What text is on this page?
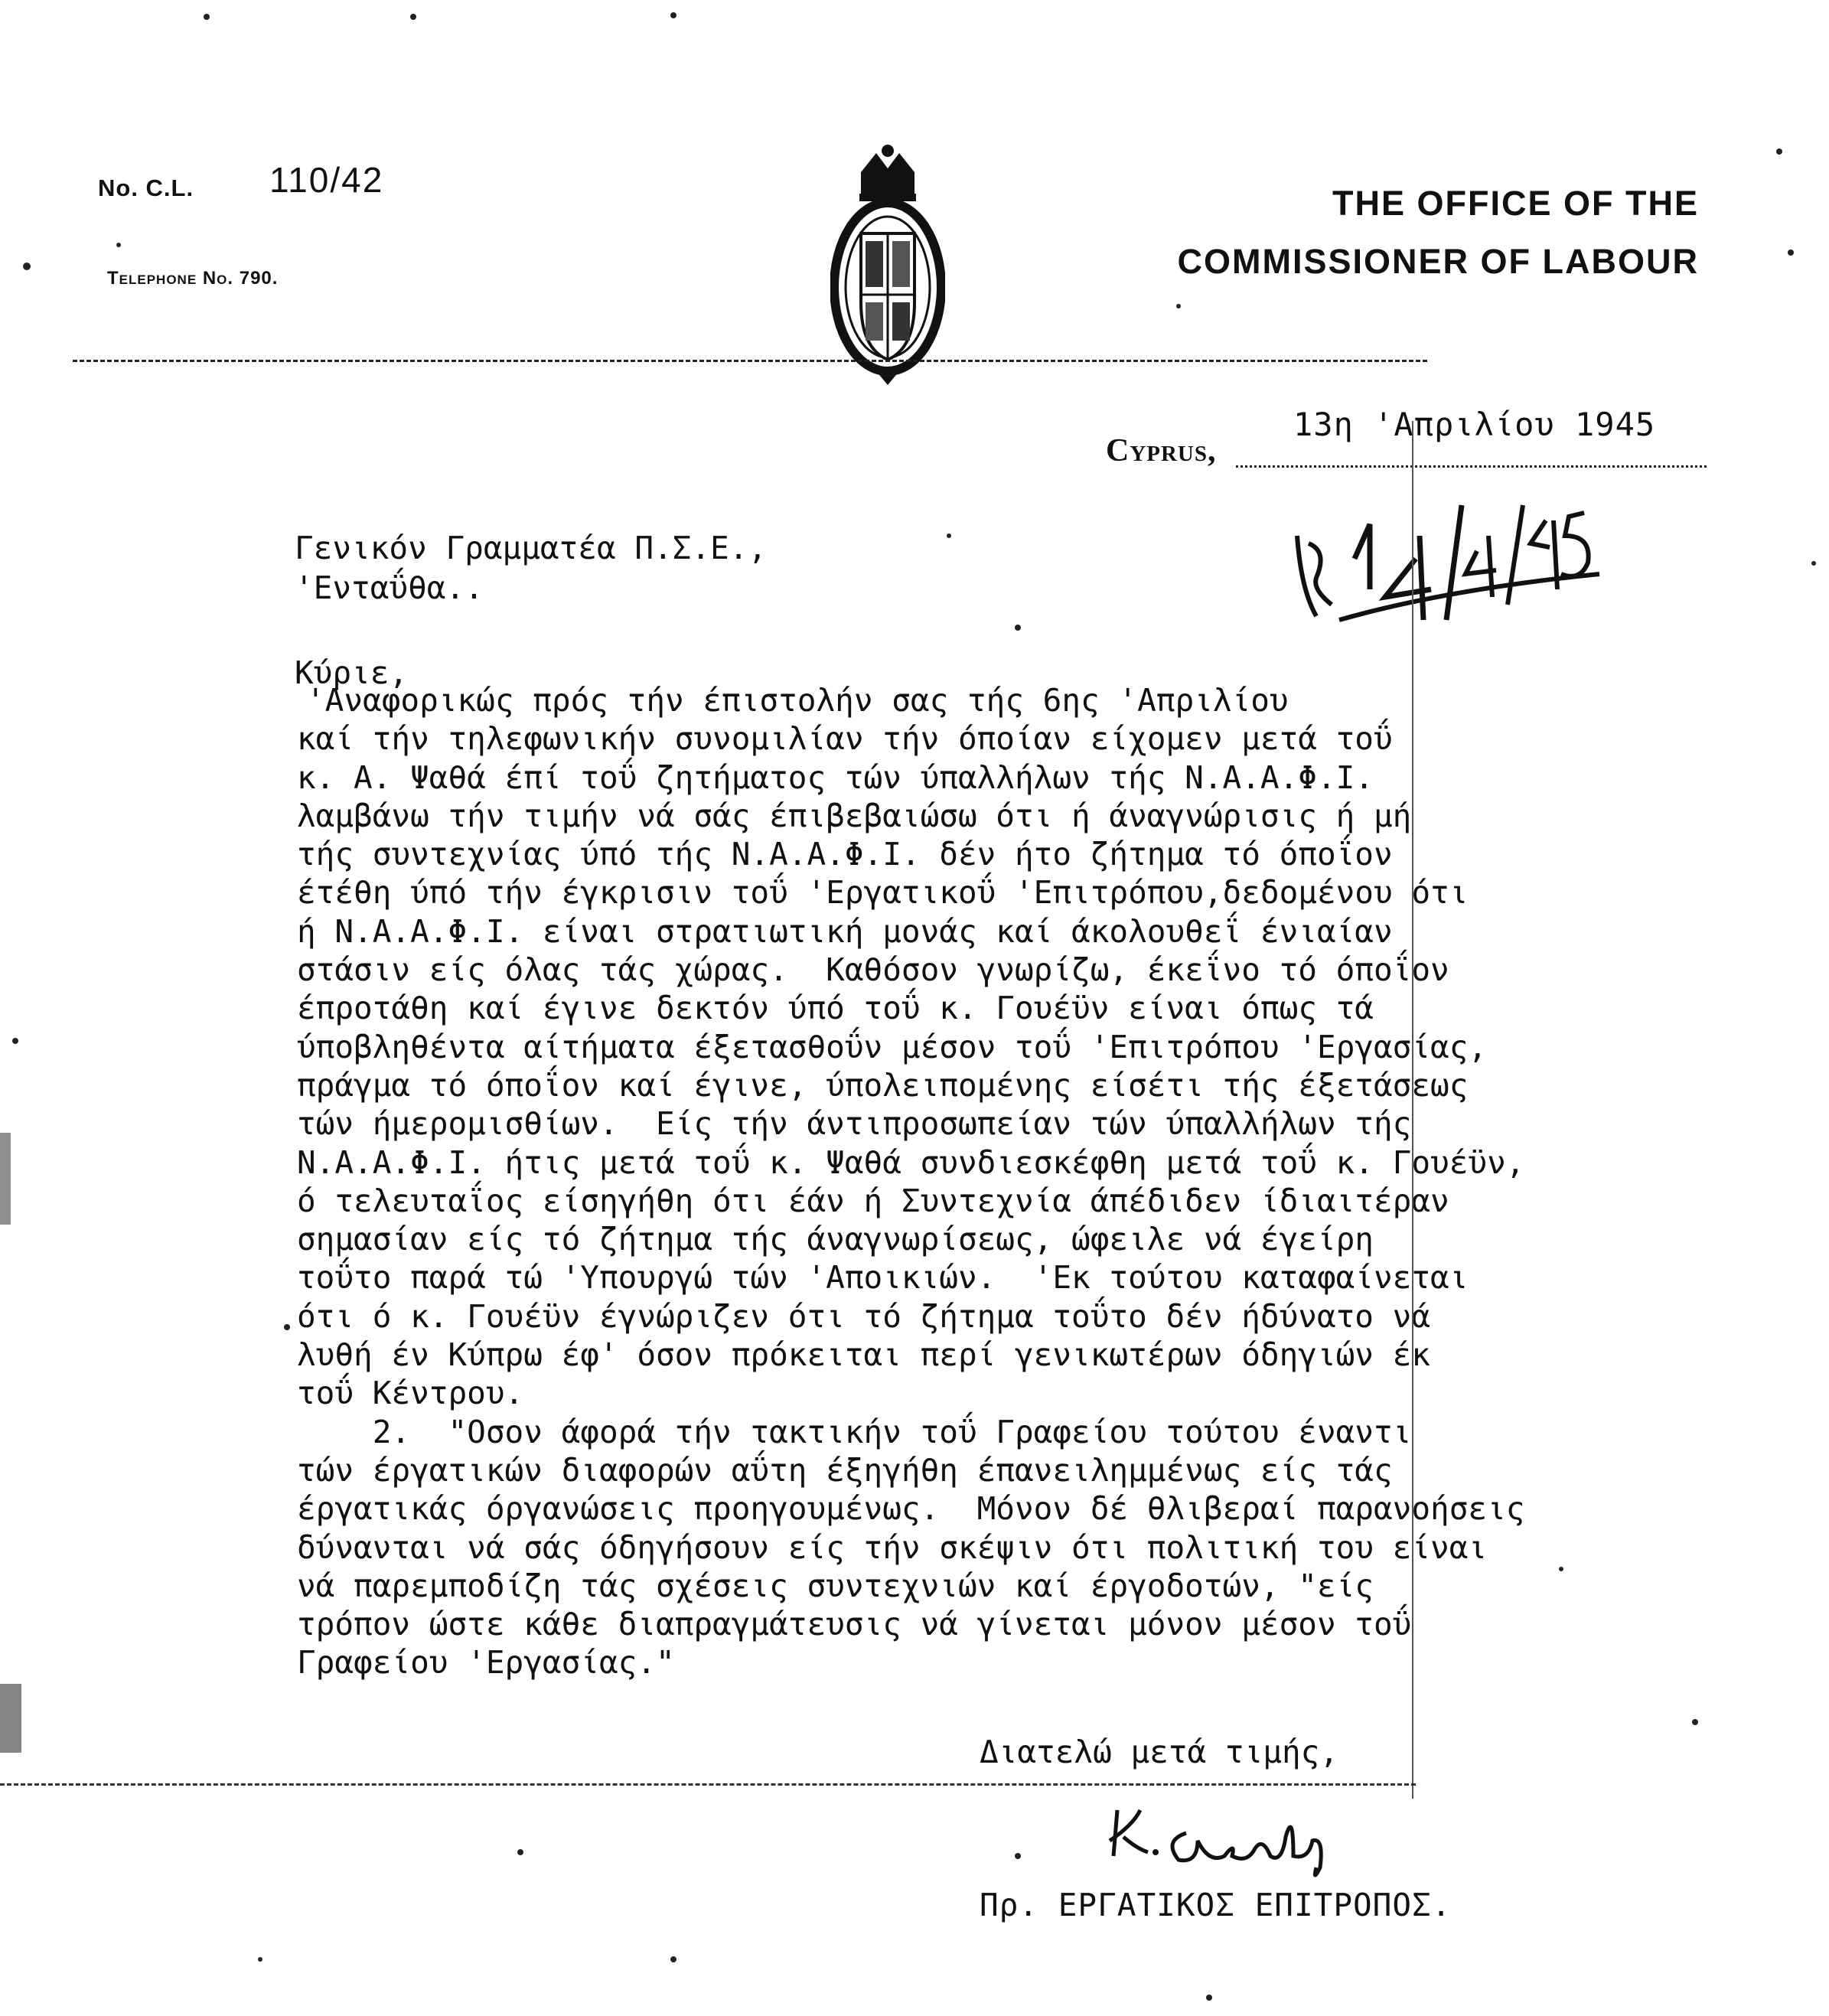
No. C.L. 110/42
Telephone No. 790.
THE OFFICE OF THE
COMMISSIONER OF LABOUR
Cyprus,
13η 'Απριλίου 1945
Γενικόν Γραμματέα Π.Σ.Ε.,
'Ενταΰθα..
Κύριε,
'Αναφορικώς πρός τήν έπιστολήν σας τής 6ης 'Απριλίου
καί τήν τηλεφωνικήν συνομιλίαν τήν όποίαν είχομεν μετά τοΰ
κ. Α. Ψαθά έπί τοΰ ζητήματος τών ύπαλλήλων τής Ν.Α.Α.Φ.Ι.
λαμβάνω τήν τιμήν νά σάς έπιβεβαιώσω ότι ή άναγνώρισις ή μή
τής συντεχνίας ύπό τής Ν.Α.Α.Φ.Ι. δέν ήτο ζήτημα τό όποΐον
έτέθη ύπό τήν έγκρισιν τοΰ 'Εργατικοΰ 'Επιτρόπου,δεδομένου ότι
ή Ν.Α.Α.Φ.Ι. είναι στρατιωτική μονάς καί άκολουθεΐ ένιαίαν
στάσιν είς όλας τάς χώρας.  Καθόσον γνωρίζω, έκεΐνο τό όποΐον
έπροτάθη καί έγινε δεκτόν ύπό τοΰ κ. Γουέϋν είναι όπως τά
ύποβληθέντα αίτήματα έξετασθοΰν μέσον τοΰ 'Επιτρόπου 'Εργασίας,
πράγμα τό όποΐον καί έγινε, ύπολειπομένης είσέτι τής έξετάσεως
τών ήμερομισθίων.  Είς τήν άντιπροσωπείαν τών ύπαλλήλων τής
Ν.Α.Α.Φ.Ι. ήτις μετά τοΰ κ. Ψαθά συνδιεσκέφθη μετά τοΰ κ. Γουέϋν,
ό τελευταΐος είσηγήθη ότι έάν ή Συντεχνία άπέδιδεν ίδιαιτέραν
σημασίαν είς τό ζήτημα τής άναγνωρίσεως, ώφειλε νά έγείρη
τοΰτο παρά τώ 'Υπουργώ τών 'Αποικιών.  'Εκ τούτου καταφαίνεται
ότι ό κ. Γουέϋν έγνώριζεν ότι τό ζήτημα τοΰτο δέν ήδύνατο νά
λυθή έν Κύπρω έφ' όσον πρόκειται περί γενικωτέρων όδηγιών έκ
τοΰ Κέντρου.
2.  "Οσον άφορά τήν τακτικήν τοΰ Γραφείου τούτου έναντι
τών έργατικών διαφορών αΰτη έξηγήθη έπανειλημμένως είς τάς
έργατικάς όργανώσεις προηγουμένως.  Μόνον δέ θλιβεραί παρανοήσεις
δύνανται νά σάς όδηγήσουν είς τήν σκέψιν ότι πολιτική του είναι
νά παρεμποδίζη τάς σχέσεις συντεχνιών καί έργοδοτών, "είς
τρόπον ώστε κάθε διαπραγμάτευσις νά γίνεται μόνον μέσον τοΰ
Γραφείου 'Εργασίας."
Διατελώ μετά τιμής,
Πρ. ΕΡΓΑΤΙΚΟΣ ΕΠΙΤΡΟΠΟΣ.
